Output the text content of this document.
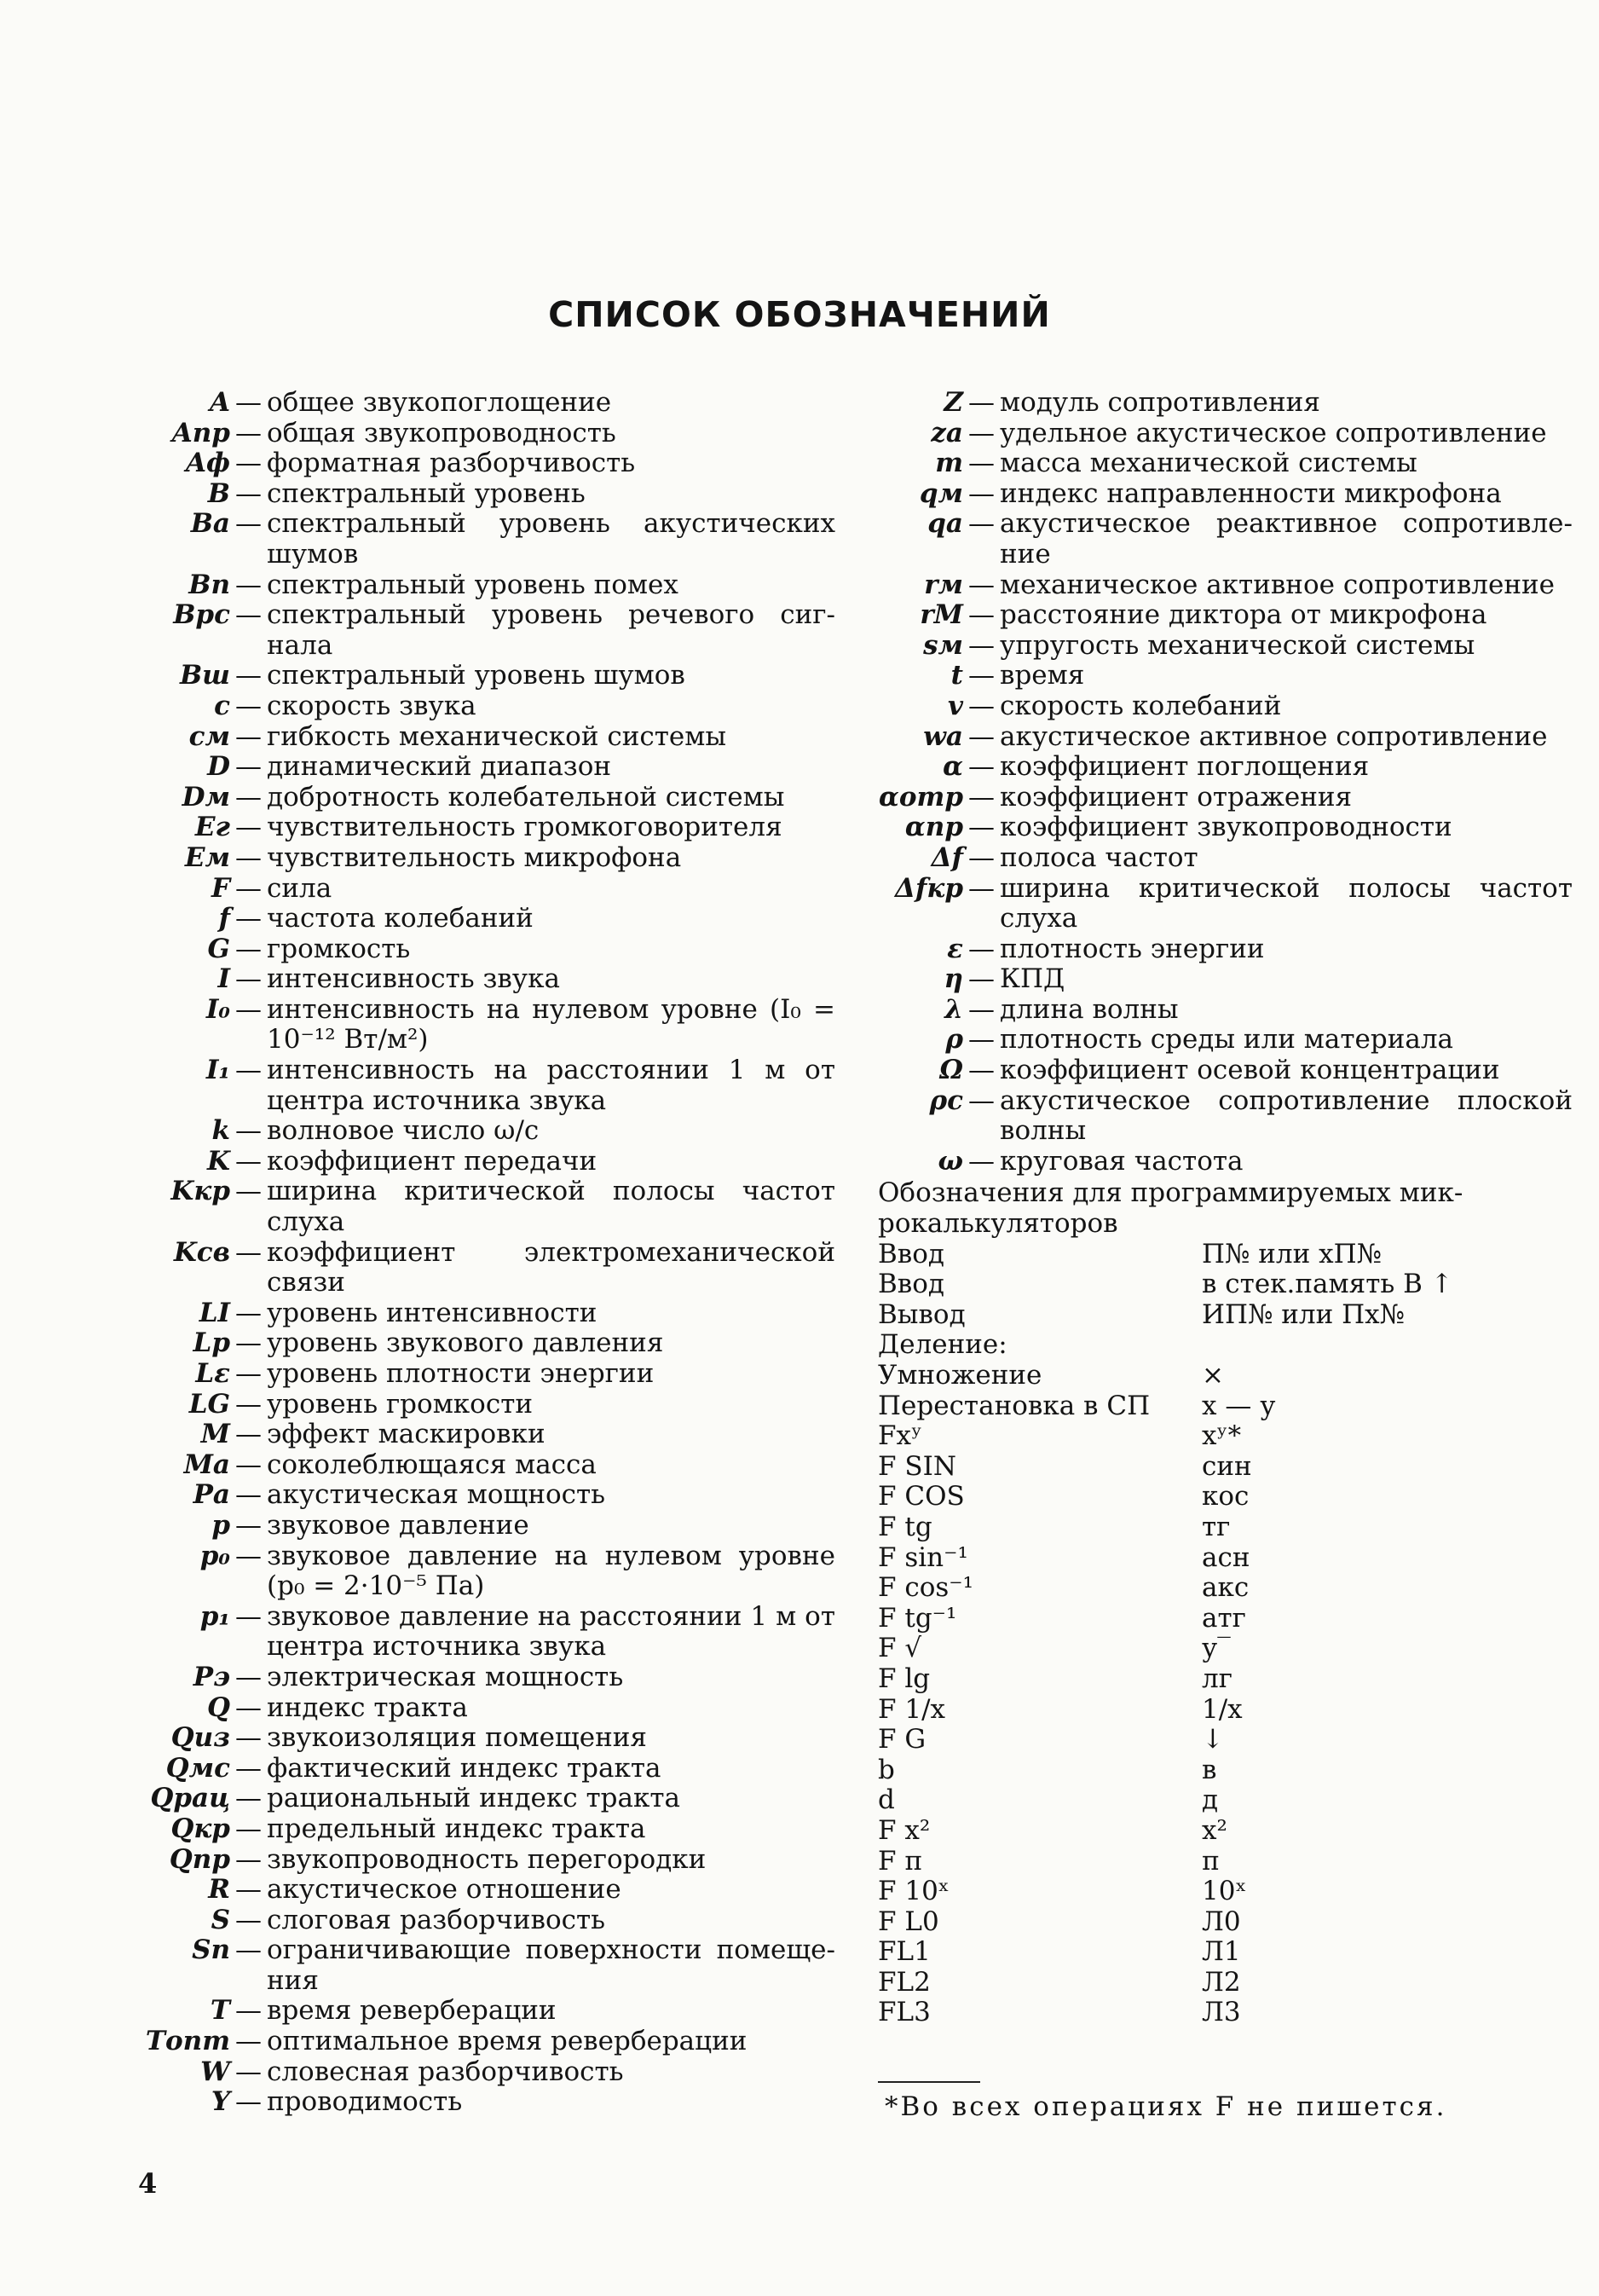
СПИСОК ОБОЗНАЧЕНИЙ
A — общее звукопоглощение
Aпр — общая звукопроводность
Aф — форматная разборчивость
B — спектральный уровень
Bа — спектральный уровень акустических шумов
Bп — спектральный уровень помех
Bрс — спектральный уровень речевого сиг-нала
Bш — спектральный уровень шумов
c — скорость звука
cм — гибкость механической системы
D — динамический диапазон
Dм — добротность колебательной системы
Eг — чувствительность громкоговорителя
Eм — чувствительность микрофона
F — сила
f — частота колебаний
G — громкость
I — интенсивность звука
I₀ — интенсивность на нулевом уровне (I₀ = 10⁻¹² Вт/м²)
I₁ — интенсивность на расстоянии 1 м от центра источника звука
k — волновое число ω/c
K — коэффициент передачи
Kкр — ширина критической полосы частот слуха
Kсв — коэффициент электромеханической связи
LI — уровень интенсивности
Lp — уровень звукового давления
Lε — уровень плотности энергии
LG — уровень громкости
M — эффект маскировки
Mа — соколеблющаяся масса
Pа — акустическая мощность
p — звуковое давление
p₀ — звуковое давление на нулевом уровне (p₀ = 2·10⁻⁵ Па)
p₁ — звуковое давление на расстоянии 1 м от центра источника звука
Pэ — электрическая мощность
Q — индекс тракта
Qиз — звукоизоляция помещения
Qмс — фактический индекс тракта
Qрац — рациональный индекс тракта
Qкр — предельный индекс тракта
Qпр — звукопроводность перегородки
R — акустическое отношение
S — слоговая разборчивость
Sп — ограничивающие поверхности помеще-ния
T — время реверберации
Tопт — оптимальное время реверберации
W — словесная разборчивость
Y — проводимость
Z — модуль сопротивления
zа — удельное акустическое сопротивление
m — масса механической системы
qм — индекс направленности микрофона
qа — акустическое реактивное сопротивле-ние
rм — механическое активное сопротивление
rМ — расстояние диктора от микрофона
sм — упругость механической системы
t — время
v — скорость колебаний
wа — акустическое активное сопротивление
α — коэффициент поглощения
αотр — коэффициент отражения
αпр — коэффициент звукопроводности
Δf — полоса частот
Δfкр — ширина критической полосы частот слуха
ε — плотность энергии
η — КПД
λ — длина волны
ρ — плотность среды или материала
Ω — коэффициент осевой концентрации
ρc — акустическое сопротивление плоской волны
ω — круговая частота
Обозначения для программируемых мик-рокалькуляторов
Ввод	П№ или хП№
Ввод	в стек.память В ↑
Вывод	ИП№ или Пх№
Деление:
Умножение	×
Перестановка в СП	х — у
Fxʸ	xʸ*
F SIN	син
F COS	кос
F tg	тг
F sin⁻¹	асн
F cos⁻¹	акс
F tg⁻¹	атг
F √	у‾
F lg	лг
F 1/x	1/x
F G	↓
b	в
d	д
F x²	x²
F π	π
F 10ˣ	10ˣ
F L0	Л0
FL1	Л1
FL2	Л2
FL3	Л3
*Во всех операциях F не пишется.
4
